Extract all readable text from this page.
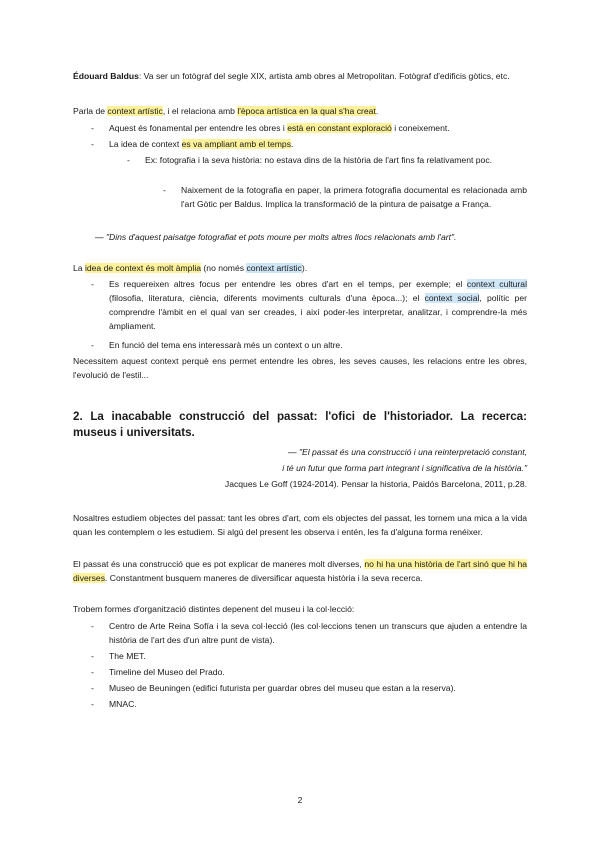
Édouard Baldus: Va ser un fotògraf del segle XIX, artista amb obres al Metropolitan. Fotògraf d'edificis gòtics, etc.
Parla de context artístic, i el relaciona amb l'època artística en la qual s'ha creat.
- Aquest és fonamental per entendre les obres i està en constant exploració i coneixement.
- La idea de context es va ampliant amb el temps.
- Ex: fotografia i la seva història: no estava dins de la història de l'art fins fa relativament poc.
- Naixement de la fotografia en paper, la primera fotografia documental es relacionada amb l'art Gòtic per Baldus. Implica la transformació de la pintura de paisatge a França.
— "Dins d'aquest paisatge fotografiat et pots moure per molts altres llocs relacionats amb l'art".
La idea de context és molt àmplia (no només context artístic).
- Es requereixen altres focus per entendre les obres d'art en el temps, per exemple; el context cultural (filosofia, literatura, ciència, diferents moviments culturals d'una època...); el context social, polític per comprendre l'àmbit en el qual van ser creades, i així poder-les interpretar, analitzar, i comprendre-la més àmpliament.
- En funció del tema ens interessarà més un context o un altre.
Necessitem aquest context perquè ens permet entendre les obres, les seves causes, les relacions entre les obres, l'evolució de l'estil...
2. La inacabable construcció del passat: l'ofici de l'historiador. La recerca: museus i universitats.
— "El passat és una construcció i una reinterpretació constant,
i té un futur que forma part integrant i significativa de la història."
Jacques Le Goff (1924-2014). Pensar la historia, Paidós Barcelona, 2011, p.28.
Nosaltres estudiem objectes del passat: tant les obres d'art, com els objectes del passat, les tornem una mica a la vida quan les contemplem o les estudiem. Si algú del present les observa i entén, les fa d'alguna forma renéixer.
El passat és una construcció que es pot explicar de maneres molt diverses, no hi ha una història de l'art sinó que hi ha diverses. Constantment busquem maneres de diversificar aquesta història i la seva recerca.
Trobem formes d'organització distintes depenent del museu i la col·lecció:
- Centro de Arte Reina Sofía i la seva col·lecció (les col·leccions tenen un transcurs que ajuden a entendre la història de l'art des d'un altre punt de vista).
- The MET.
- Timeline del Museo del Prado.
- Museo de Beuningen (edifici futurista per guardar obres del museu que estan a la reserva).
- MNAC.
2
